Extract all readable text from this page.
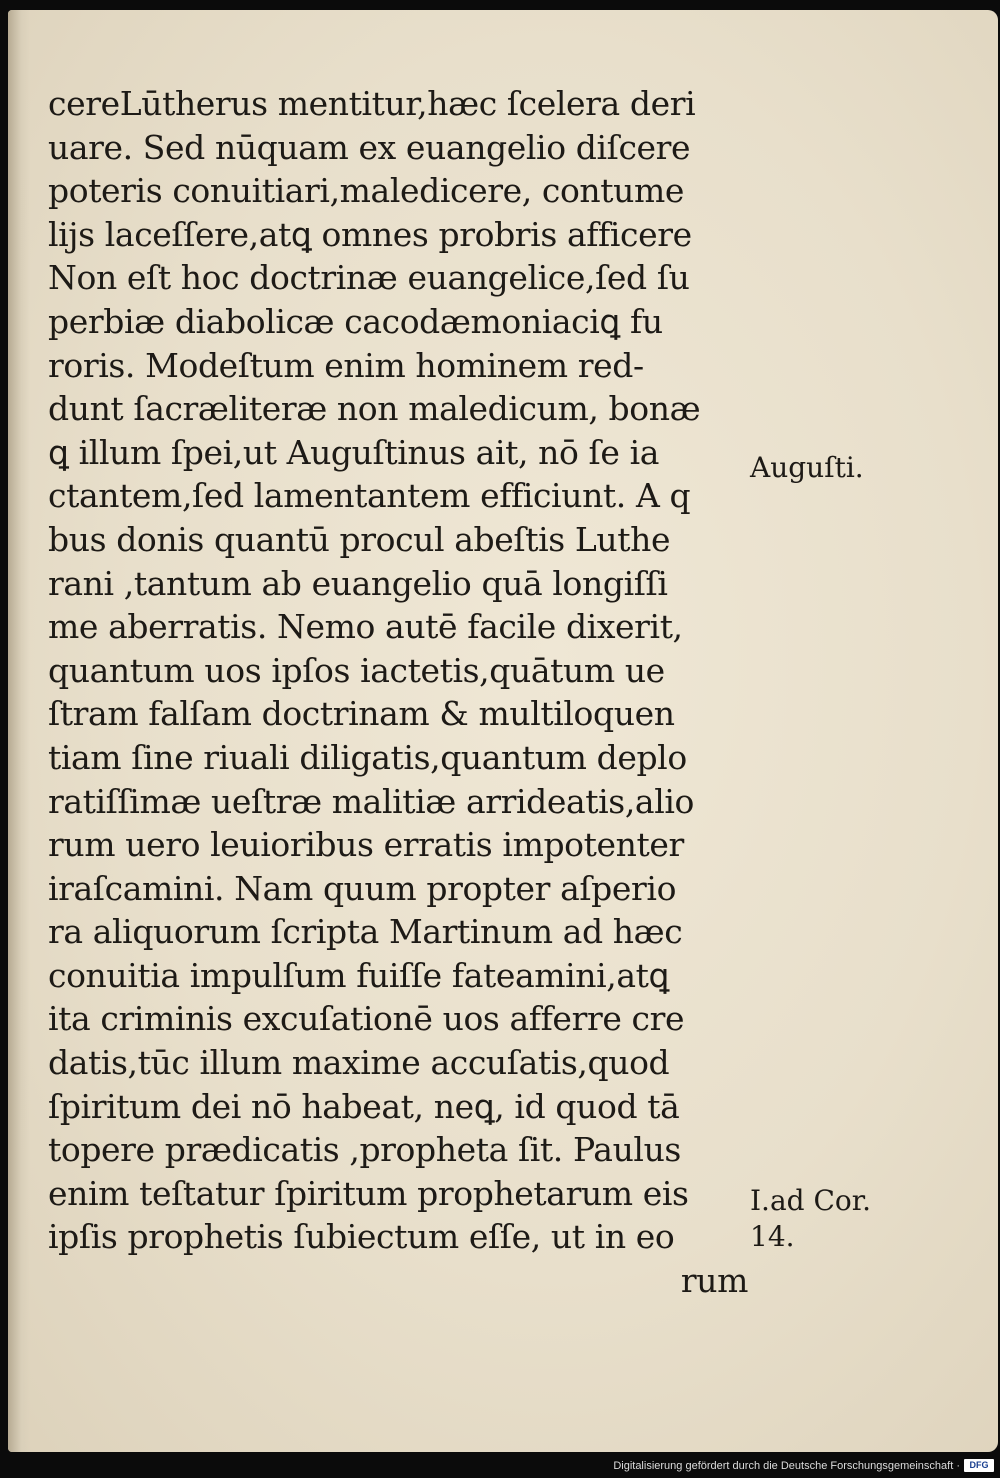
cereLūtherus mentitur,hæc ſcelera deri
uare. Sed nūquam ex euangelio diſcere
poteris conuitiari,maledicere, contume
lijs laceſſere,atꝗ omnes probris afficere
Non eſt hoc doctrinæ euangelice,ſed ſu
perbiæ diabolicæ cacodæmoniaciꝗ fu
roris. Modeſtum enim hominem red-
dunt ſacræliteræ non maledicum, bonæ
ꝗ illum ſpei,ut Auguſtinus ait, nō ſe ia
ctantem,ſed lamentantem efficiunt. A q
bus donis quantū procul abeſtis Luthe
rani ,tantum ab euangelio quā longiſſi
me aberratis. Nemo autē facile dixerit,
quantum uos ipſos iactetis,quātum ue
ſtram falſam doctrinam & multiloquen
tiam ſine riuali diligatis,quantum deplo
ratiſſimæ ueſtræ malitiæ arrideatis,alio
rum uero leuioribus erratis impotenter
iraſcamini. Nam quum propter aſperio
ra aliquorum ſcripta Martinum ad hæc
conuitia impulſum fuiſſe fateamini,atꝗ
ita criminis excuſationē uos afferre cre
datis,tūc illum maxime accuſatis,quod
ſpiritum dei nō habeat, neꝗ, id quod tā
topere prædicatis ,propheta ſit. Paulus
enim teſtatur ſpiritum prophetarum eis
ipſis prophetis ſubiectum eſſe, ut in eo
rum
Auguſti.
I.ad Cor.
14.
Digitalisierung gefördert durch die Deutsche Forschungsgemeinschaft ·	DFG
